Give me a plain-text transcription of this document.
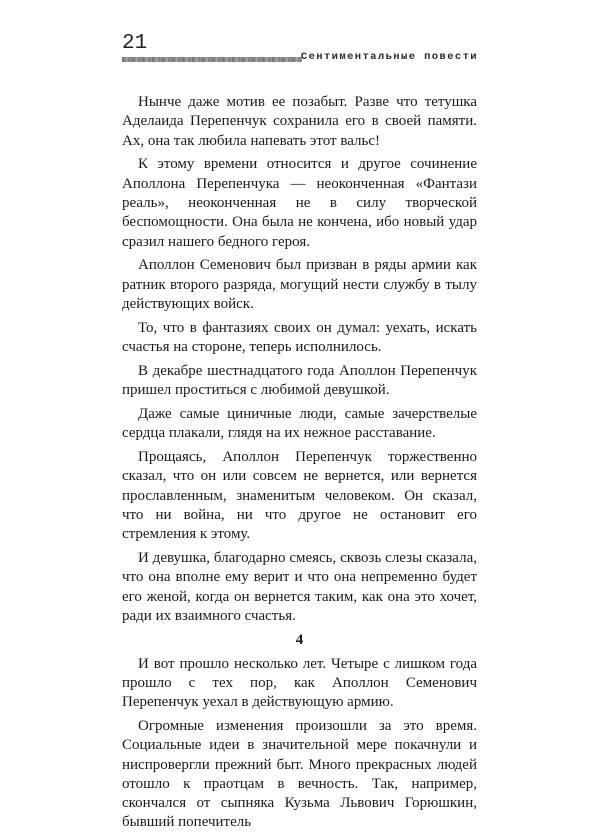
21
Сентиментальные повести

Нынче даже мотив ее позабыт. Разве что тетушка Аделаида Перепенчук сохранила его в своей памяти. Ах, она так любила напевать этот вальс!

К этому времени относится и другое сочинение Аполлона Перепенчука — неоконченная «Фантази реаль», неоконченная не в силу творческой беспомощности. Она была не кончена, ибо новый удар сразил нашего бедного героя.

Аполлон Семенович был призван в ряды армии как ратник второго разряда, могущий нести службу в тылу действующих войск.

То, что в фантазиях своих он думал: уехать, искать счастья на стороне, теперь исполнилось.

В декабре шестнадцатого года Аполлон Перепенчук пришел проститься с любимой девушкой.

Даже самые циничные люди, самые зачерствелые сердца плакали, глядя на их нежное расставание.

Прощаясь, Аполлон Перепенчук торжественно сказал, что он или совсем не вернется, или вернется прославленным, знаменитым человеком. Он сказал, что ни война, ни что другое не остановит его стремления к этому.

И девушка, благодарно смеясь, сквозь слезы сказала, что она вполне ему верит и что она непременно будет его женой, когда он вернется таким, как она это хочет, ради их взаимного счастья.

4

И вот прошло несколько лет. Четыре с лишком года прошло с тех пор, как Аполлон Семенович Перепенчук уехал в действующую армию.

Огромные изменения произошли за это время. Социальные идеи в значительной мере покачнули и ниспровергли прежний быт. Много прекрасных людей отошло к праотцам в вечность. Так, например, скончался от сыпняка Кузьма Львович Горюшкин, бывший попечитель
